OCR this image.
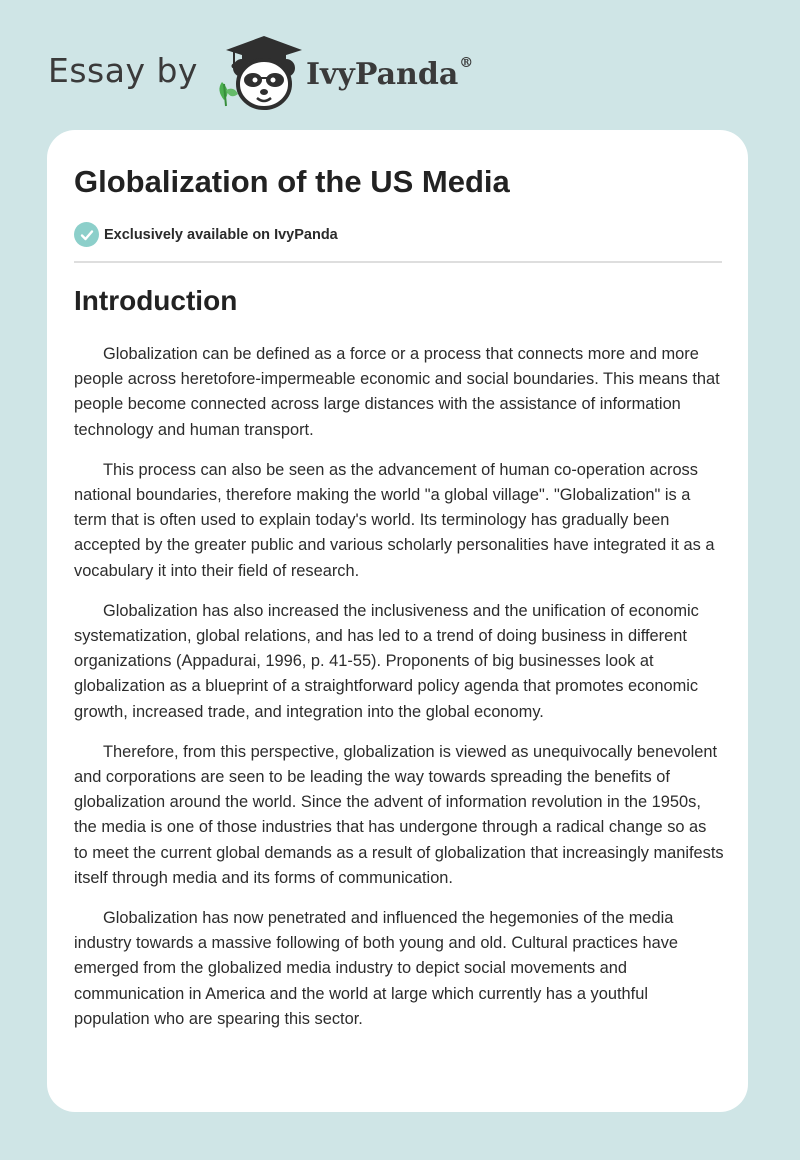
Essay by	IvyPanda®
Globalization of the US Media
Exclusively available on IvyPanda
Introduction

Globalization can be defined as a force or a process that connects more and more people across heretofore-impermeable economic and social boundaries. This means that people become connected across large distances with the assistance of information technology and human transport.

This process can also be seen as the advancement of human co-operation across national boundaries, therefore making the world "a global village". "Globalization" is a term that is often used to explain today's world. Its terminology has gradually been accepted by the greater public and various scholarly personalities have integrated it as a vocabulary it into their field of research.

Globalization has also increased the inclusiveness and the unification of economic systematization, global relations, and has led to a trend of doing business in different organizations (Appadurai, 1996, p. 41-55). Proponents of big businesses look at globalization as a blueprint of a straightforward policy agenda that promotes economic growth, increased trade, and integration into the global economy.

Therefore, from this perspective, globalization is viewed as unequivocally benevolent and corporations are seen to be leading the way towards spreading the benefits of globalization around the world. Since the advent of information revolution in the 1950s, the media is one of those industries that has undergone through a radical change so as to meet the current global demands as a result of globalization that increasingly manifests itself through media and its forms of communication.

Globalization has now penetrated and influenced the hegemonies of the media industry towards a massive following of both young and old. Cultural practices have emerged from the globalized media industry to depict social movements and communication in America and the world at large which currently has a youthful population who are spearing this sector.
